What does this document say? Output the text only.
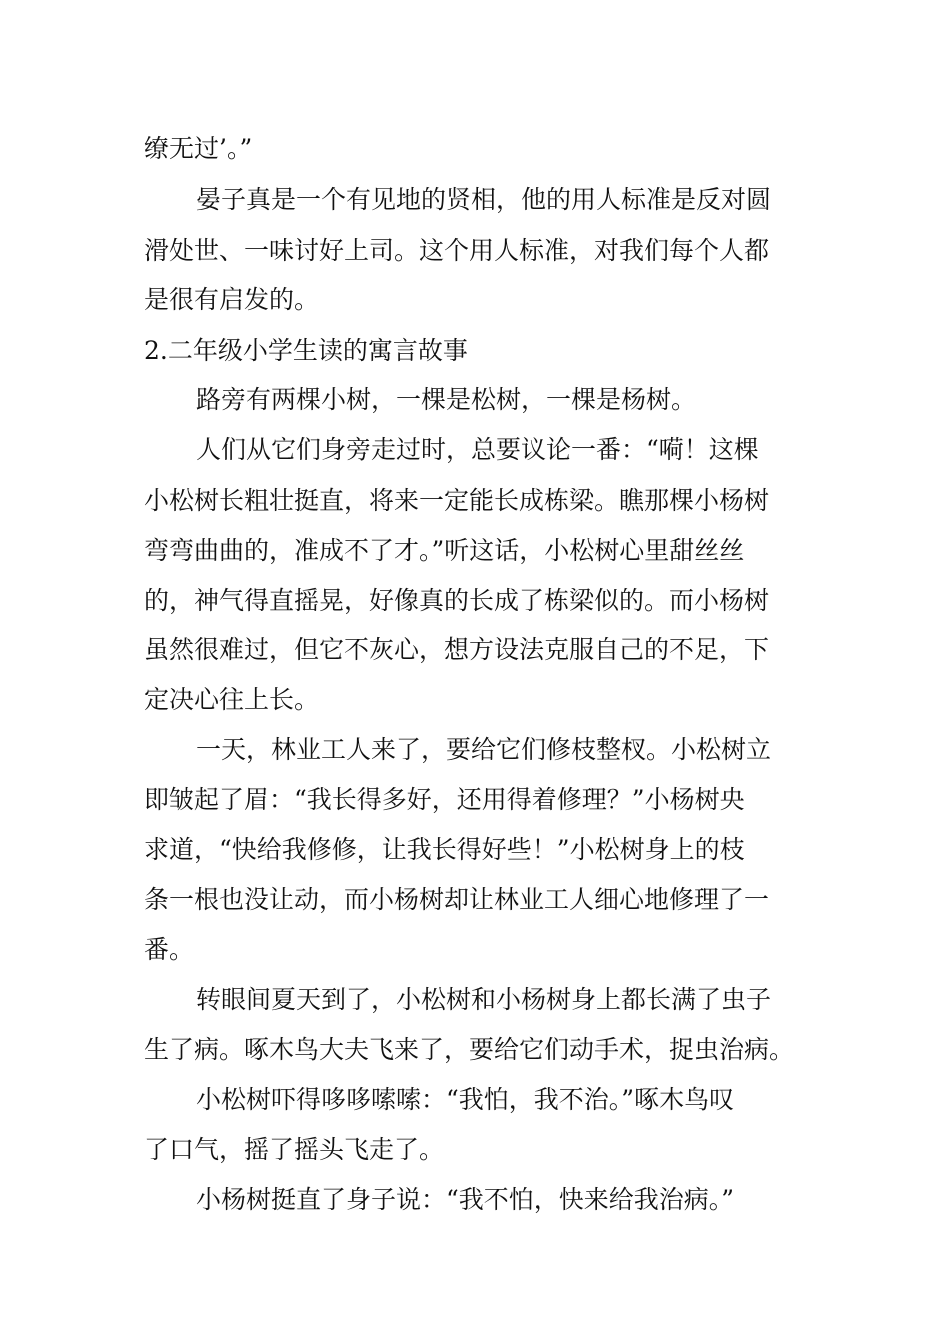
缭无过’。”
晏子真是一个有见地的贤相，他的用人标准是反对圆
滑处世、一味讨好上司。这个用人标准，对我们每个人都
是很有启发的。
2.二年级小学生读的寓言故事
路旁有两棵小树，一棵是松树，一棵是杨树。
人们从它们身旁走过时，总要议论一番：“嗬！这棵
小松树长粗壮挺直，将来一定能长成栋梁。瞧那棵小杨树
弯弯曲曲的，准成不了才。”听这话，小松树心里甜丝丝
的，神气得直摇晃，好像真的长成了栋梁似的。而小杨树
虽然很难过，但它不灰心，想方设法克服自己的不足，下
定决心往上长。
一天，林业工人来了，要给它们修枝整杈。小松树立
即皱起了眉：“我长得多好，还用得着修理？”小杨树央
求道，“快给我修修，让我长得好些！”小松树身上的枝
条一根也没让动，而小杨树却让林业工人细心地修理了一
番。
转眼间夏天到了，小松树和小杨树身上都长满了虫子
生了病。啄木鸟大夫飞来了，要给它们动手术，捉虫治病。
小松树吓得哆哆嗦嗦：“我怕，我不治。”啄木鸟叹
了口气，摇了摇头飞走了。
小杨树挺直了身子说：“我不怕，快来给我治病。”
